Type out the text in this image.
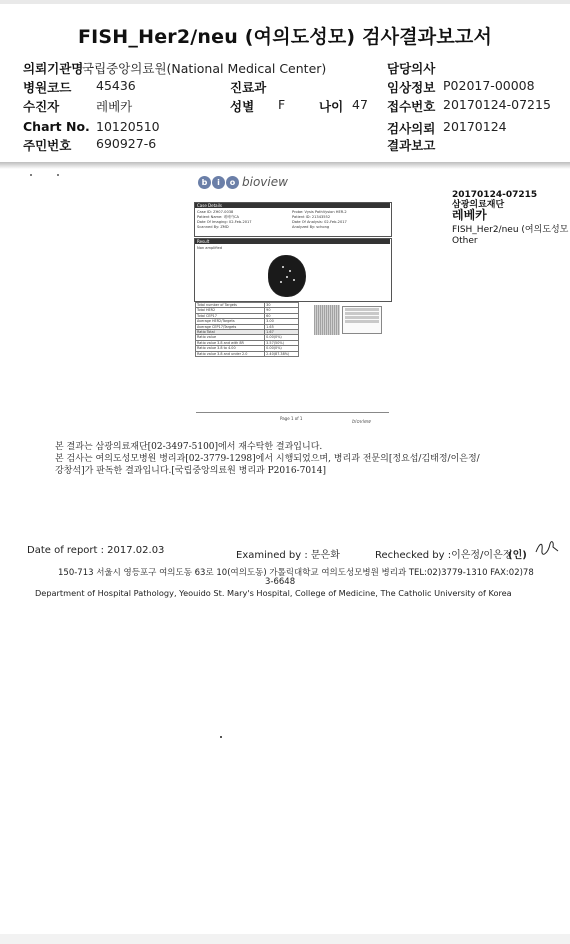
FISH_Her2/neu (여의도성모) 검사결과보고서
의뢰기관명
국립중앙의료원(National Medical Center)	담당의사
병원코드 45436	진료과	임상정보 P02017-00008
수진자	레베카	성별 F	나이 47 접수번호 20170124-07215
Chart No. 10120510	검사의뢰 20170124
주민번호 690927-6	결과보고
b	i	o bioview
Case Details
Case ID: ZH07-0038
Patient Name: 레베카CA
Date Of Imaging: 02-Feb-2017
Scanned By: ZMD
Probe: Vysis PathVysion HER-2
Patient ID: 21343552
Date Of Analysis: 02-Feb-2017
Analyzed By: schong
Result
Non amplified
Total number of Targets	30
Total HER2	90
Total CEP17	60
Average HER2/Targets	3.00
Average CEP17/Targets	1.65
Ratio Total	1.67
Ratio value	0.00(0%)
Ratio value 3.8 and with 8R	3.57(50%)
Ratio value 3.8 to 4.00	0.00(0%)
Ratio value 3.8 and under 2.0	2.40(87.38%)
Page 1 of 1
bioview
20170124-07215
삼광의료재단
레베카
FISH_Her2/neu (여의도성모
Other
본 결과는 삼광의료재단[02-3497-5100]에서 재수탁한 결과입니다.
본 검사는 여의도성모병원 병리과[02-3779-1298]에서 시행되었으며, 병리과 전문의[정요섭/김태정/이은정/
강창석]가 판독한 결과입니다.[국립중앙의료원 병리과 P2016-7014]
Date of report : 2017.02.03	Examined by : 문은화	Rechecked by :이은정/이은정
(인)
150-713 서울시 영등포구 여의도동 63로 10(여의도동) 가톨릭대학교 여의도성모병원 병리과 TEL:02)3779-1310 FAX:02)78
3-6648
Department of Hospital Pathology, Yeouido St. Mary's Hospital, College of Medicine, The Catholic University of Korea
